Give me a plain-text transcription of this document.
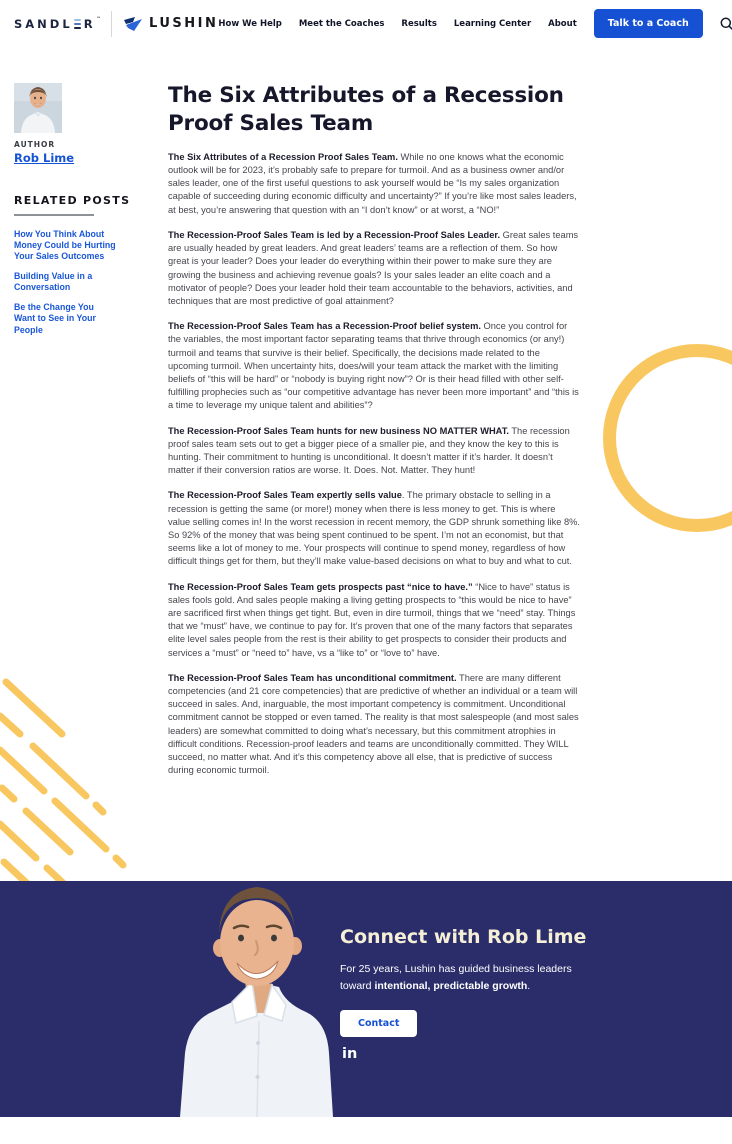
SANDL R ™	LUSHIN How We Help Meet the Coaches Results Learning Center About	Talk to a Coach
AUTHOR
Rob Lime
RELATED POSTS
How You Think About Money Could be Hurting Your Sales Outcomes
Building Value in a Conversation
Be the Change You Want to See in Your People
The Six Attributes of a Recession Proof Sales Team

The Six Attributes of a Recession Proof Sales Team. While no one knows what the economic outlook will be for 2023, it’s probably safe to prepare for turmoil. And as a business owner and/or sales leader, one of the first useful questions to ask yourself would be “Is my sales organization capable of succeeding during economic difficulty and uncertainty?” If you’re like most sales leaders, at best, you’re answering that question with an “I don’t know” or at worst, a “NO!”

The Recession-Proof Sales Team is led by a Recession-Proof Sales Leader. Great sales teams are usually headed by great leaders. And great leaders’ teams are a reflection of them. So how great is your leader? Does your leader do everything within their power to make sure they are growing the business and achieving revenue goals? Is your sales leader an elite coach and a motivator of people? Does your leader hold their team accountable to the behaviors, activities, and techniques that are most predictive of goal attainment?

The Recession-Proof Sales Team has a Recession-Proof belief system. Once you control for the variables, the most important factor separating teams that thrive through economics (or any!) turmoil and teams that survive is their belief. Specifically, the decisions made related to the upcoming turmoil. When uncertainty hits, does/will your team attack the market with the limiting beliefs of “this will be hard” or “nobody is buying right now”? Or is their head filled with other self-fulfilling prophecies such as “our competitive advantage has never been more important” and “this is a time to leverage my unique talent and abilities”?

The Recession-Proof Sales Team hunts for new business NO MATTER WHAT. The recession proof sales team sets out to get a bigger piece of a smaller pie, and they know the key to this is hunting. Their commitment to hunting is unconditional. It doesn’t matter if it’s harder. It doesn’t matter if their conversion ratios are worse. It. Does. Not. Matter. They hunt!

The Recession-Proof Sales Team expertly sells value. The primary obstacle to selling in a recession is getting the same (or more!) money when there is less money to get. This is where value selling comes in! In the worst recession in recent memory, the GDP shrunk something like 8%. So 92% of the money that was being spent continued to be spent. I’m not an economist, but that seems like a lot of money to me. Your prospects will continue to spend money, regardless of how difficult things get for them, but they’ll make value-based decisions on what to buy and what to cut.

The Recession-Proof Sales Team gets prospects past “nice to have.” “Nice to have” status is sales fools gold. And sales people making a living getting prospects to “this would be nice to have” are sacrificed first when things get tight. But, even in dire turmoil, things that we “need” stay. Things that we “must” have, we continue to pay for. It’s proven that one of the many factors that separates elite level sales people from the rest is their ability to get prospects to consider their products and services a “must” or “need to” have, vs a “like to” or “love to” have.

The Recession-Proof Sales Team has unconditional commitment. There are many different competencies (and 21 core competencies) that are predictive of whether an individual or a team will succeed in sales. And, inarguable, the most important competency is commitment. Unconditional commitment cannot be stopped or even tamed. The reality is that most salespeople (and most sales leaders) are somewhat committed to doing what’s necessary, but this commitment atrophies in difficult conditions. Recession-proof leaders and teams are unconditionally committed. They WILL succeed, no matter what. And it’s this competency above all else, that is predictive of success during economic turmoil.

Connect with Rob Lime
For 25 years, Lushin has guided business leaders toward intentional, predictable growth.
Contact
in
